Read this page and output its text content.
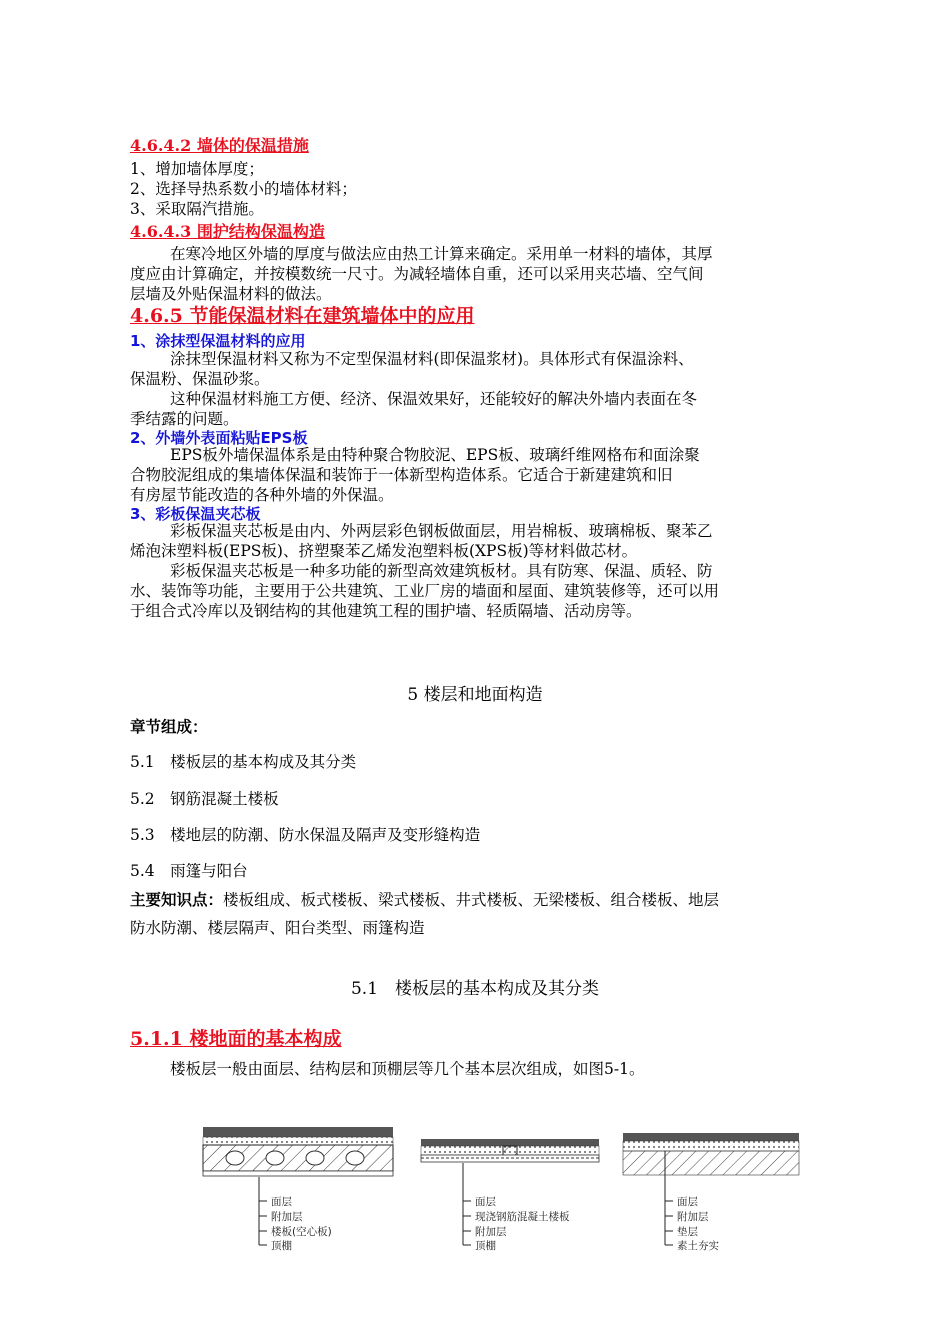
4.6.4.2 墙体的保温措施
1、增加墙体厚度；
2、选择导热系数小的墙体材料；
3、采取隔汽措施。
4.6.4.3 围护结构保温构造
在寒冷地区外墙的厚度与做法应由热工计算来确定。采用单一材料的墙体，其厚
度应由计算确定，并按模数统一尺寸。为减轻墙体自重，还可以采用夹芯墙、空气间
层墙及外贴保温材料的做法。
4.6.5 节能保温材料在建筑墙体中的应用
1、涂抹型保温材料的应用
涂抹型保温材料又称为不定型保温材料(即保温浆材)。具体形式有保温涂料、
保温粉、保温砂浆。
这种保温材料施工方便、经济、保温效果好，还能较好的解决外墙内表面在冬
季结露的问题。
2、外墙外表面粘贴EPS板
EPS板外墙保温体系是由特种聚合物胶泥、EPS板、玻璃纤维网格布和面涂聚
合物胶泥组成的集墙体保温和装饰于一体新型构造体系。它适合于新建建筑和旧
有房屋节能改造的各种外墙的外保温。
3、彩板保温夹芯板
彩板保温夹芯板是由内、外两层彩色钢板做面层，用岩棉板、玻璃棉板、聚苯乙
烯泡沫塑料板(EPS板)、挤塑聚苯乙烯发泡塑料板(XPS板)等材料做芯材。
彩板保温夹芯板是一种多功能的新型高效建筑板材。具有防寒、保温、质轻、防
水、装饰等功能，主要用于公共建筑、工业厂房的墙面和屋面、建筑装修等，还可以用
于组合式冷库以及钢结构的其他建筑工程的围护墙、轻质隔墙、活动房等。
5 楼层和地面构造
章节组成：
5.1　楼板层的基本构成及其分类
5.2　钢筋混凝土楼板
5.3　楼地层的防潮、防水保温及隔声及变形缝构造
5.4　雨篷与阳台
主要知识点：楼板组成、板式楼板、梁式楼板、井式楼板、无梁楼板、组合楼板、地层
防水防潮、楼层隔声、阳台类型、雨篷构造
5.1　楼板层的基本构成及其分类
5.1.1 楼地面的基本构成
楼板层一般由面层、结构层和顶棚层等几个基本层次组成，如图5-1。
面层
附加层
楼板(空心板)
顶棚
面层
现浇钢筋混凝土楼板
附加层
顶棚
面层
附加层
垫层
素土夯实
